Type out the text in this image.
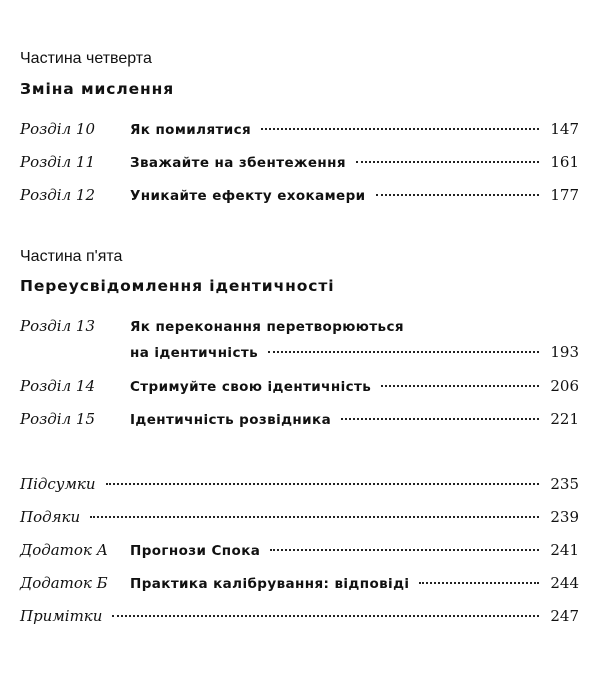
Частина четверта
Зміна мислення
Розділ 10	Як помилятися	147
Розділ 11	Зважайте на збентеження	161
Розділ 12	Уникайте ефекту ехокамери	177
Частина п'ята
Переусвідомлення ідентичності
Розділ 13	Як переконання перетворюються
на ідентичність	193
Розділ 14	Стримуйте свою ідентичність	206
Розділ 15	Ідентичність розвідника	221
Підсумки	235
Подяки	239
Додаток А	Прогнози Спока	241
Додаток Б	Практика калібрування: відповіді	244
Примітки	247
